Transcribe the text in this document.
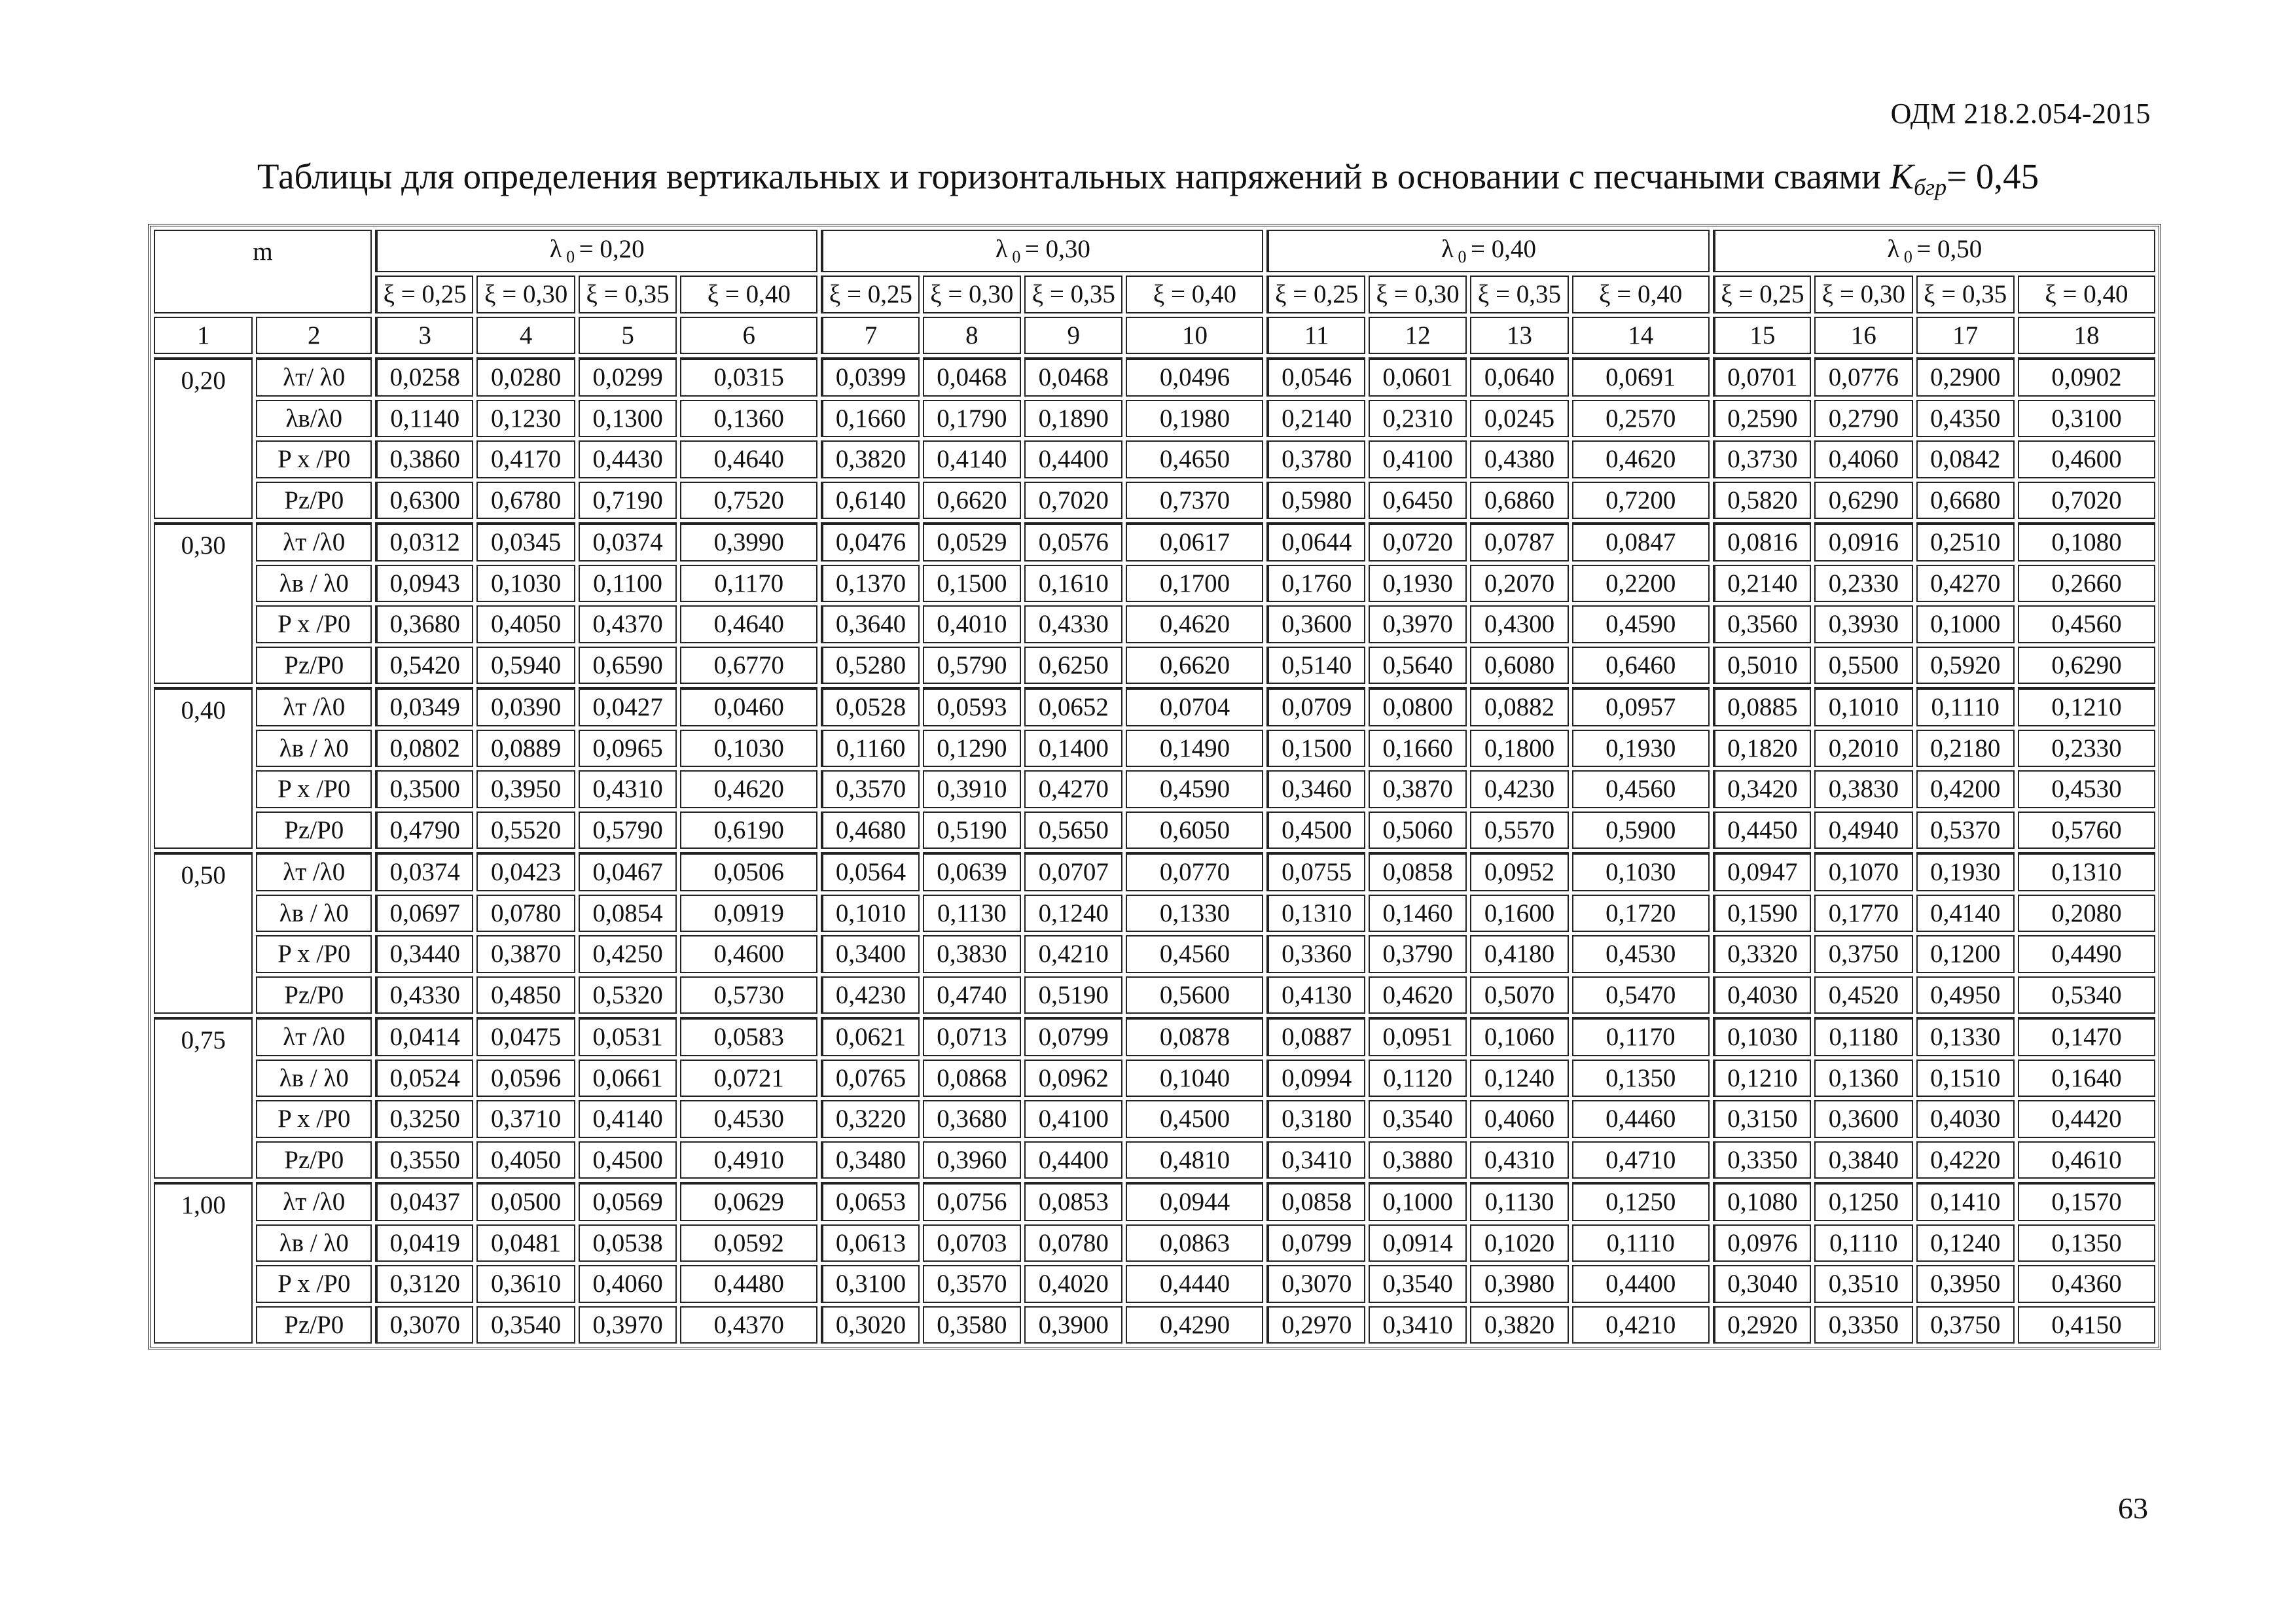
ОДМ 218.2.054-2015
Таблицы для определения вертикальных и горизонтальных напряжений в основании с песчаными сваями $K_{бгр}= 0,45$
m		λ $_0$ = 0,20				λ $_0$ = 0,30				λ $_0$ = 0,40				λ $_0$ = 0,50			
		ξ = 0,25	ξ = 0,30	ξ = 0,35	ξ = 0,40	ξ = 0,25	ξ = 0,30	ξ = 0,35	ξ = 0,40	ξ = 0,25	ξ = 0,30	ξ = 0,35	ξ = 0,40	ξ = 0,25	ξ = 0,30	ξ = 0,35	ξ = 0,40
1	2	3	4	5	6	7	8	9	10	11	12	13	14	15	16	17	18
0,20	λт/ λ0	0,0258	0,0280	0,0299	0,0315	0,0399	0,0468	0,0468	0,0496	0,0546	0,0601	0,0640	0,0691	0,0701	0,0776	0,2900	0,0902
	λв/λ0	0,1140	0,1230	0,1300	0,1360	0,1660	0,1790	0,1890	0,1980	0,2140	0,2310	0,0245	0,2570	0,2590	0,2790	0,4350	0,3100
	P x /P0	0,3860	0,4170	0,4430	0,4640	0,3820	0,4140	0,4400	0,4650	0,3780	0,4100	0,4380	0,4620	0,3730	0,4060	0,0842	0,4600
	Pz/P0	0,6300	0,6780	0,7190	0,7520	0,6140	0,6620	0,7020	0,7370	0,5980	0,6450	0,6860	0,7200	0,5820	0,6290	0,6680	0,7020
0,30	λт /λ0	0,0312	0,0345	0,0374	0,3990	0,0476	0,0529	0,0576	0,0617	0,0644	0,0720	0,0787	0,0847	0,0816	0,0916	0,2510	0,1080
	λв / λ0	0,0943	0,1030	0,1100	0,1170	0,1370	0,1500	0,1610	0,1700	0,1760	0,1930	0,2070	0,2200	0,2140	0,2330	0,4270	0,2660
	P x /P0	0,3680	0,4050	0,4370	0,4640	0,3640	0,4010	0,4330	0,4620	0,3600	0,3970	0,4300	0,4590	0,3560	0,3930	0,1000	0,4560
	Pz/P0	0,5420	0,5940	0,6590	0,6770	0,5280	0,5790	0,6250	0,6620	0,5140	0,5640	0,6080	0,6460	0,5010	0,5500	0,5920	0,6290
0,40	λт /λ0	0,0349	0,0390	0,0427	0,0460	0,0528	0,0593	0,0652	0,0704	0,0709	0,0800	0,0882	0,0957	0,0885	0,1010	0,1110	0,1210
	λв / λ0	0,0802	0,0889	0,0965	0,1030	0,1160	0,1290	0,1400	0,1490	0,1500	0,1660	0,1800	0,1930	0,1820	0,2010	0,2180	0,2330
	P x /P0	0,3500	0,3950	0,4310	0,4620	0,3570	0,3910	0,4270	0,4590	0,3460	0,3870	0,4230	0,4560	0,3420	0,3830	0,4200	0,4530
	Pz/P0	0,4790	0,5520	0,5790	0,6190	0,4680	0,5190	0,5650	0,6050	0,4500	0,5060	0,5570	0,5900	0,4450	0,4940	0,5370	0,5760
0,50	λт /λ0	0,0374	0,0423	0,0467	0,0506	0,0564	0,0639	0,0707	0,0770	0,0755	0,0858	0,0952	0,1030	0,0947	0,1070	0,1930	0,1310
	λв / λ0	0,0697	0,0780	0,0854	0,0919	0,1010	0,1130	0,1240	0,1330	0,1310	0,1460	0,1600	0,1720	0,1590	0,1770	0,4140	0,2080
	P x /P0	0,3440	0,3870	0,4250	0,4600	0,3400	0,3830	0,4210	0,4560	0,3360	0,3790	0,4180	0,4530	0,3320	0,3750	0,1200	0,4490
	Pz/P0	0,4330	0,4850	0,5320	0,5730	0,4230	0,4740	0,5190	0,5600	0,4130	0,4620	0,5070	0,5470	0,4030	0,4520	0,4950	0,5340
0,75	λт /λ0	0,0414	0,0475	0,0531	0,0583	0,0621	0,0713	0,0799	0,0878	0,0887	0,0951	0,1060	0,1170	0,1030	0,1180	0,1330	0,1470
	λв / λ0	0,0524	0,0596	0,0661	0,0721	0,0765	0,0868	0,0962	0,1040	0,0994	0,1120	0,1240	0,1350	0,1210	0,1360	0,1510	0,1640
	P x /P0	0,3250	0,3710	0,4140	0,4530	0,3220	0,3680	0,4100	0,4500	0,3180	0,3540	0,4060	0,4460	0,3150	0,3600	0,4030	0,4420
	Pz/P0	0,3550	0,4050	0,4500	0,4910	0,3480	0,3960	0,4400	0,4810	0,3410	0,3880	0,4310	0,4710	0,3350	0,3840	0,4220	0,4610
1,00	λт /λ0	0,0437	0,0500	0,0569	0,0629	0,0653	0,0756	0,0853	0,0944	0,0858	0,1000	0,1130	0,1250	0,1080	0,1250	0,1410	0,1570
	λв / λ0	0,0419	0,0481	0,0538	0,0592	0,0613	0,0703	0,0780	0,0863	0,0799	0,0914	0,1020	0,1110	0,0976	0,1110	0,1240	0,1350
	P x /P0	0,3120	0,3610	0,4060	0,4480	0,3100	0,3570	0,4020	0,4440	0,3070	0,3540	0,3980	0,4400	0,3040	0,3510	0,3950	0,4360
	Pz/P0	0,3070	0,3540	0,3970	0,4370	0,3020	0,3580	0,3900	0,4290	0,2970	0,3410	0,3820	0,4210	0,2920	0,3350	0,3750	0,4150
63
